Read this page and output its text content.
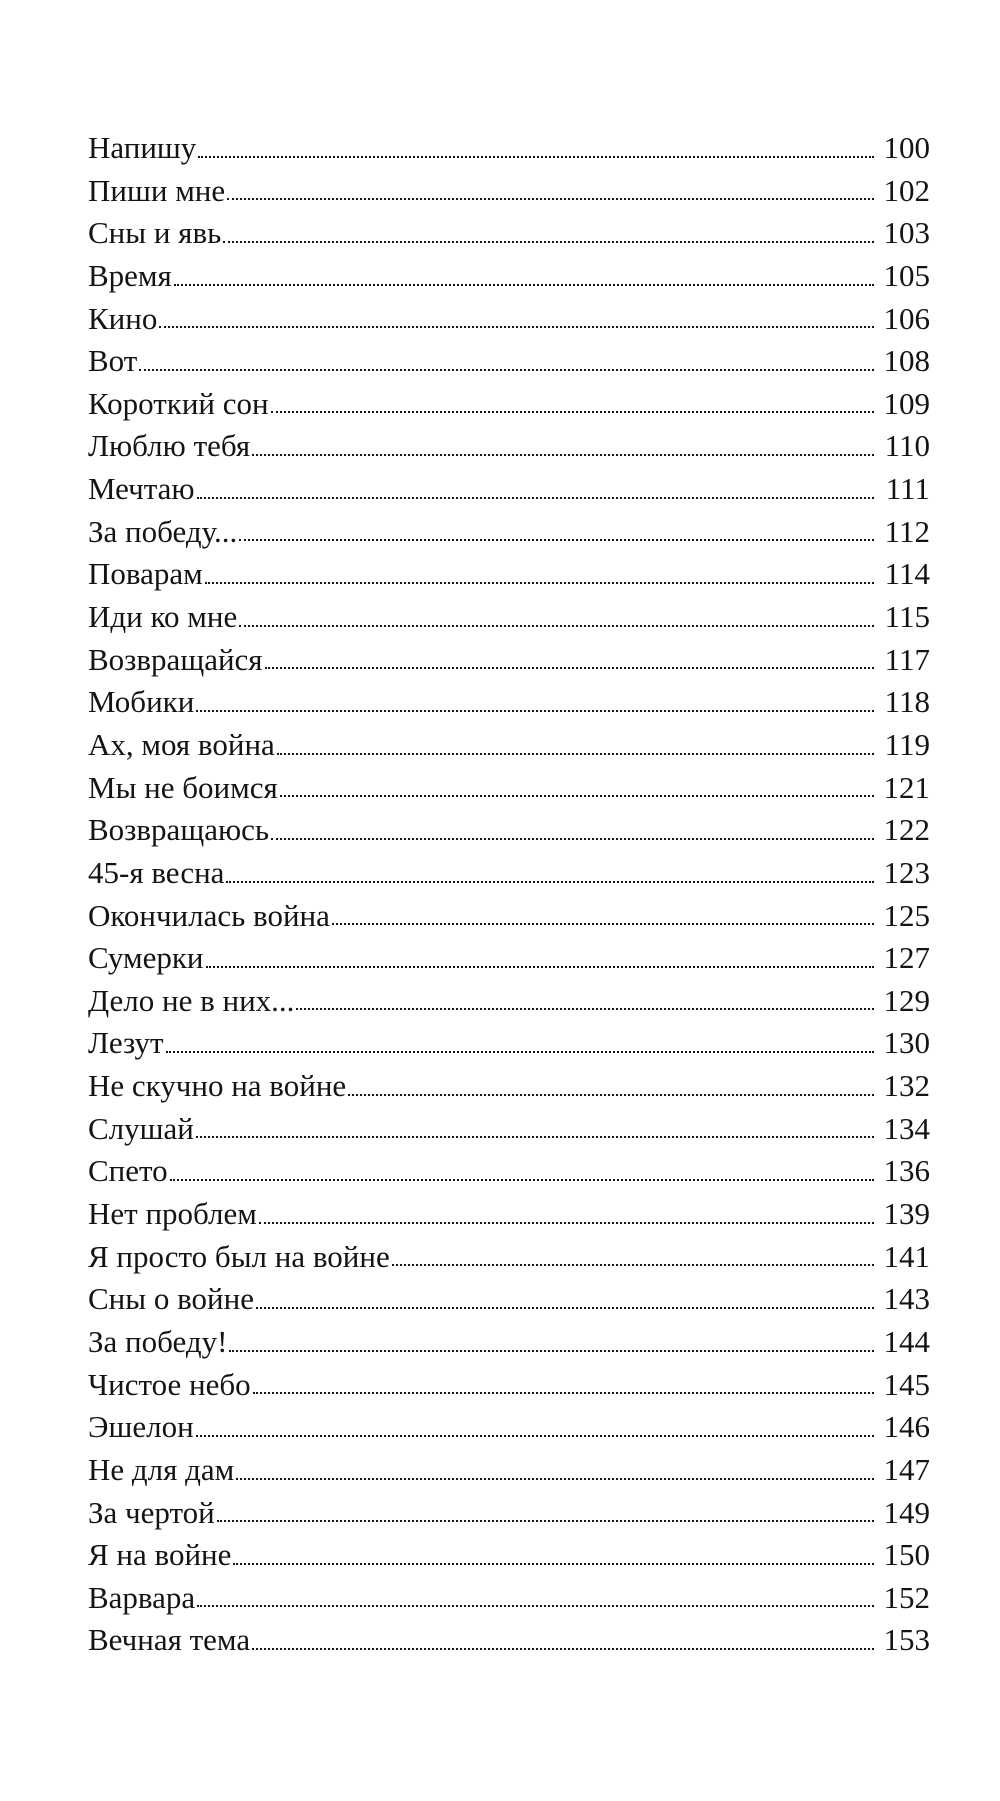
Напишу	100
Пиши мне	102
Сны и явь	103
Время	105
Кино	106
Вот	108
Короткий сон	109
Люблю тебя	110
Мечтаю	111
За победу...	112
Поварам	114
Иди ко мне	115
Возвращайся	117
Мобики	118
Ах, моя война	119
Мы не боимся	121
Возвращаюсь	122
45-я весна	123
Окончилась война	125
Сумерки	127
Дело не в них...	129
Лезут	130
Не скучно на войне	132
Слушай	134
Спето	136
Нет проблем	139
Я просто был на войне	141
Сны о войне	143
За победу!	144
Чистое небо	145
Эшелон	146
Не для дам	147
За чертой	149
Я на войне	150
Варвара	152
Вечная тема	153
